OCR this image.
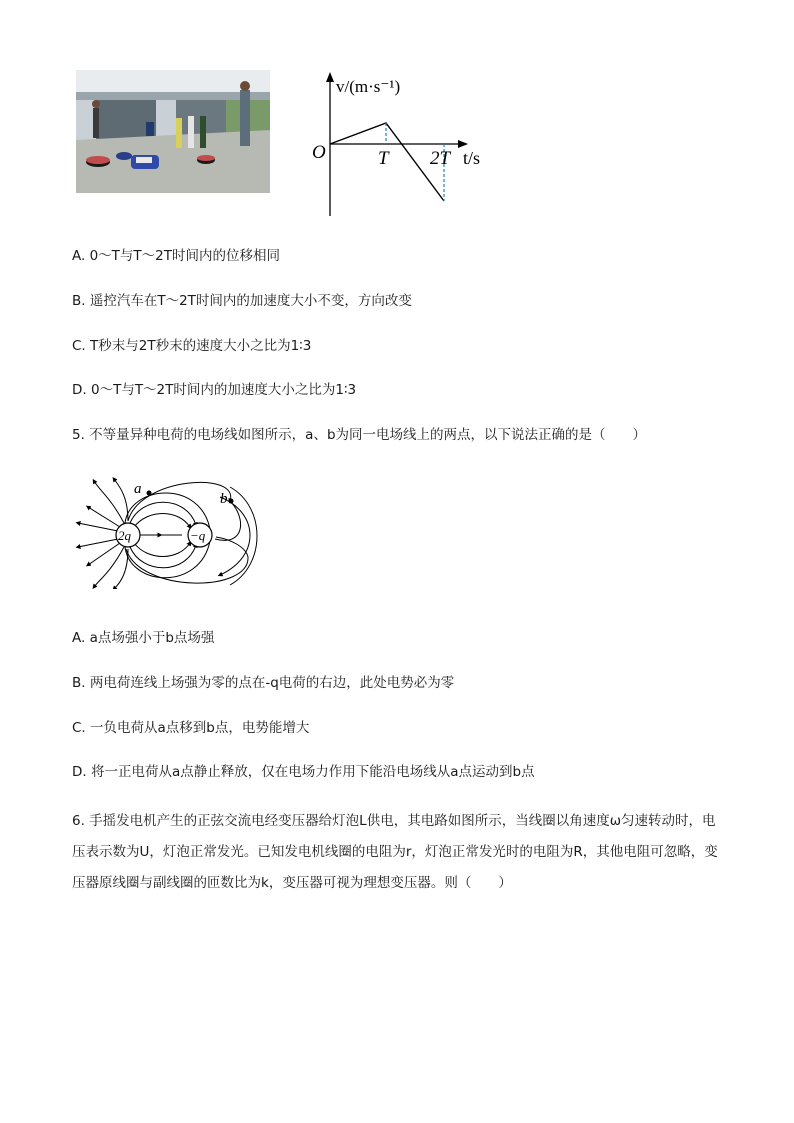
v/(m·s⁻¹)
O	T 2T t/s
A. 0～T与T～2T时间内的位移相同
B. 遥控汽车在T～2T时间内的加速度大小不变，方向改变
C. T秒末与2T秒末的速度大小之比为1∶3
D. 0～T与T～2T时间内的加速度大小之比为1∶3
5. 不等量异种电荷的电场线如图所示，a、b为同一电场线上的两点，以下说法正确的是（　　）
2q	−q
a
b
A. a点场强小于b点场强
B. 两电荷连线上场强为零的点在-q电荷的右边，此处电势必为零
C. 一负电荷从a点移到b点，电势能增大
D. 将一正电荷从a点静止释放，仅在电场力作用下能沿电场线从a点运动到b点
6. 手摇发电机产生的正弦交流电经变压器给灯泡L供电，其电路如图所示，当线圈以角速度ω匀速转动时，电压表示数为U，灯泡正常发光。已知发电机线圈的电阻为r，灯泡正常发光时的电阻为R，其他电阻可忽略，变压器原线圈与副线圈的匝数比为k，变压器可视为理想变压器。则（　　）
